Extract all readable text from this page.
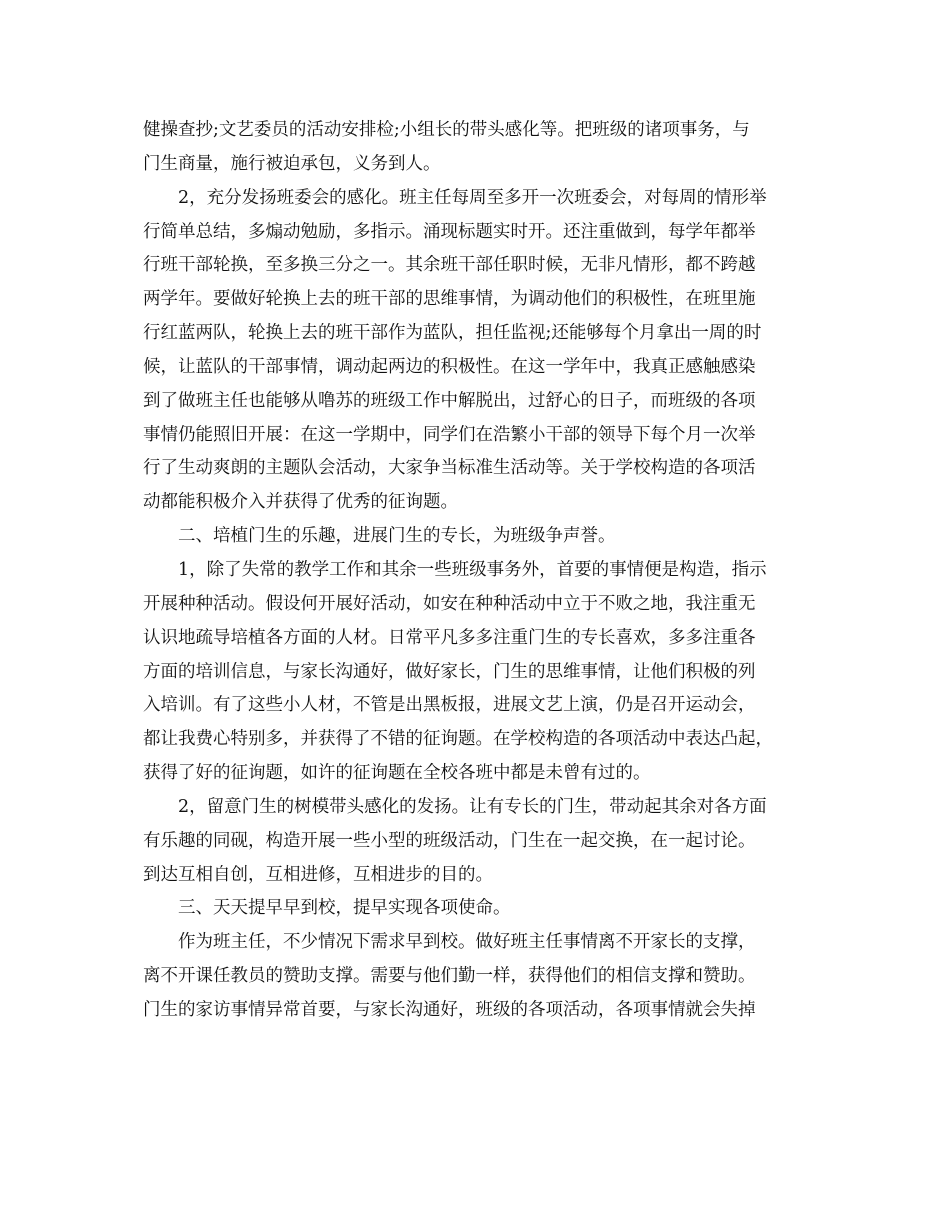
健操查抄;文艺委员的活动安排检;小组长的带头感化等。把班级的诸项事务，与
门生商量，施行被迫承包，义务到人。
2，充分发扬班委会的感化。班主任每周至多开一次班委会，对每周的情形举
行简单总结，多煽动勉励，多指示。涌现标题实时开。还注重做到，每学年都举
行班干部轮换，至多换三分之一。其余班干部任职时候，无非凡情形，都不跨越
两学年。要做好轮换上去的班干部的思维事情，为调动他们的积极性，在班里施
行红蓝两队，轮换上去的班干部作为蓝队，担任监视;还能够每个月拿出一周的时
候，让蓝队的干部事情，调动起两边的积极性。在这一学年中，我真正感触感染
到了做班主任也能够从噜苏的班级工作中解脱出，过舒心的日子，而班级的各项
事情仍能照旧开展：在这一学期中，同学们在浩繁小干部的领导下每个月一次举
行了生动爽朗的主题队会活动，大家争当标准生活动等。关于学校构造的各项活
动都能积极介入并获得了优秀的征询题。
二、培植门生的乐趣，进展门生的专长，为班级争声誉。
1，除了失常的教学工作和其余一些班级事务外，首要的事情便是构造，指示
开展种种活动。假设何开展好活动，如安在种种活动中立于不败之地，我注重无
认识地疏导培植各方面的人材。日常平凡多多注重门生的专长喜欢，多多注重各
方面的培训信息，与家长沟通好，做好家长，门生的思维事情，让他们积极的列
入培训。有了这些小人材，不管是出黑板报，进展文艺上演，仍是召开运动会，
都让我费心特别多，并获得了不错的征询题。在学校构造的各项活动中表达凸起，
获得了好的征询题，如许的征询题在全校各班中都是未曾有过的。
2，留意门生的树模带头感化的发扬。让有专长的门生，带动起其余对各方面
有乐趣的同砚，构造开展一些小型的班级活动，门生在一起交换，在一起讨论。
到达互相自创，互相进修，互相进步的目的。
三、天天提早早到校，提早实现各项使命。
作为班主任，不少情况下需求早到校。做好班主任事情离不开家长的支撑，
离不开课任教员的赞助支撑。需要与他们勤一样，获得他们的相信支撑和赞助。
门生的家访事情异常首要，与家长沟通好，班级的各项活动，各项事情就会失掉
